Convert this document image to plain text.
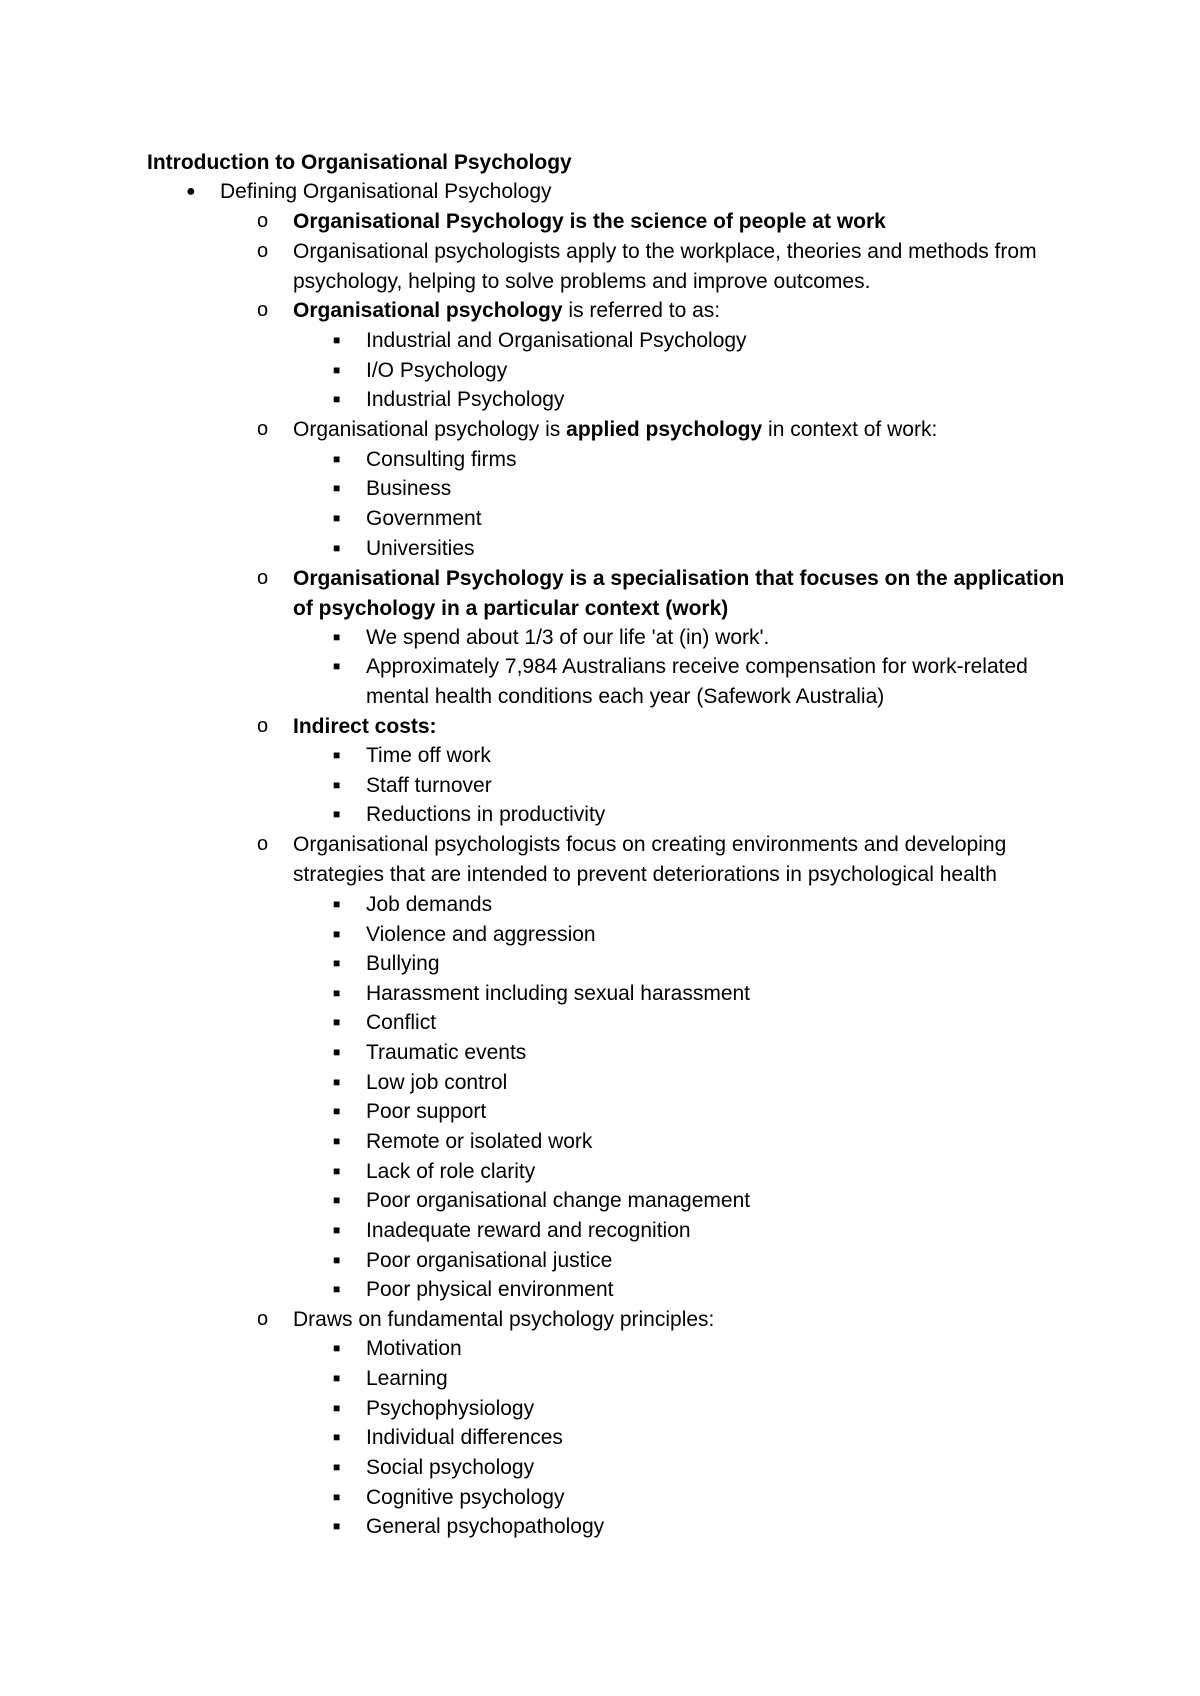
Introduction to Organisational Psychology
● Defining Organisational Psychology
o Organisational Psychology is the science of people at work
o Organisational psychologists apply to the workplace, theories and methods from psychology, helping to solve problems and improve outcomes.
o Organisational psychology is referred to as:
■ Industrial and Organisational Psychology
■ I/O Psychology
■ Industrial Psychology
o Organisational psychology is applied psychology in context of work:
■ Consulting firms
■ Business
■ Government
■ Universities
o Organisational Psychology is a specialisation that focuses on the application of psychology in a particular context (work)
■ We spend about 1/3 of our life 'at (in) work'.
■ Approximately 7,984 Australians receive compensation for work-related mental health conditions each year (Safework Australia)
o Indirect costs:
■ Time off work
■ Staff turnover
■ Reductions in productivity
o Organisational psychologists focus on creating environments and developing strategies that are intended to prevent deteriorations in psychological health
■ Job demands
■ Violence and aggression
■ Bullying
■ Harassment including sexual harassment
■ Conflict
■ Traumatic events
■ Low job control
■ Poor support
■ Remote or isolated work
■ Lack of role clarity
■ Poor organisational change management
■ Inadequate reward and recognition
■ Poor organisational justice
■ Poor physical environment
o Draws on fundamental psychology principles:
■ Motivation
■ Learning
■ Psychophysiology
■ Individual differences
■ Social psychology
■ Cognitive psychology
■ General psychopathology
